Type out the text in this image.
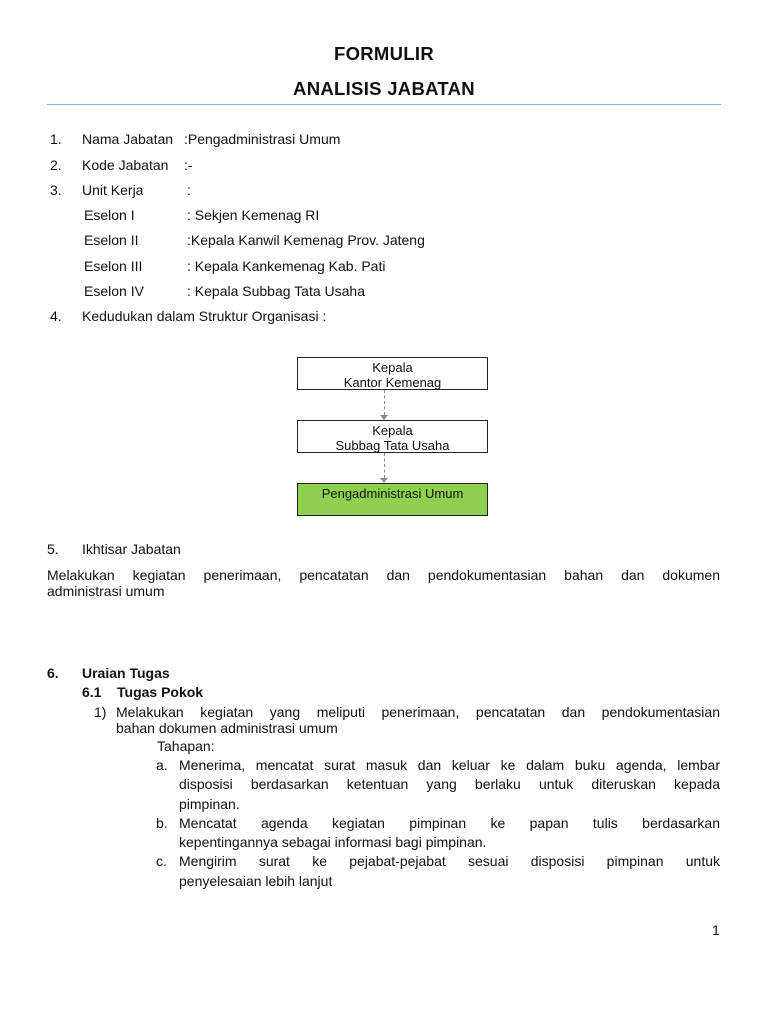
FORMULIR
ANALISIS JABATAN
1. Nama Jabatan :Pengadministrasi Umum
2. Kode Jabatan :-
3. Unit Kerja	:
Eselon I	: Sekjen Kemenag RI
Eselon II	:Kepala Kanwil Kemenag Prov. Jateng
Eselon III	: Kepala Kankemenag Kab. Pati
Eselon IV	: Kepala Subbag Tata Usaha
4. Kedudukan dalam Struktur Organisasi :
Kepala
Kantor Kemenag
Kepala
Subbag Tata Usaha
Pengadministrasi Umum
5. Ikhtisar Jabatan
Melakukan kegiatan penerimaan, pencatatan dan pendokumentasian bahan dan dokumen
administrasi umum
6. Uraian Tugas
6.1 Tugas Pokok
1) Melakukan kegiatan yang meliputi penerimaan, pencatatan dan pendokumentasian
bahan dokumen administrasi umum
Tahapan:
a. Menerima, mencatat surat masuk dan keluar ke dalam buku agenda, lembar
disposisi berdasarkan ketentuan yang berlaku untuk diteruskan kepada
pimpinan.
b. Mencatat agenda kegiatan pimpinan ke papan tulis berdasarkan
kepentingannya sebagai informasi bagi pimpinan.
c. Mengirim surat ke pejabat-pejabat sesuai disposisi pimpinan untuk
penyelesaian lebih lanjut
1
